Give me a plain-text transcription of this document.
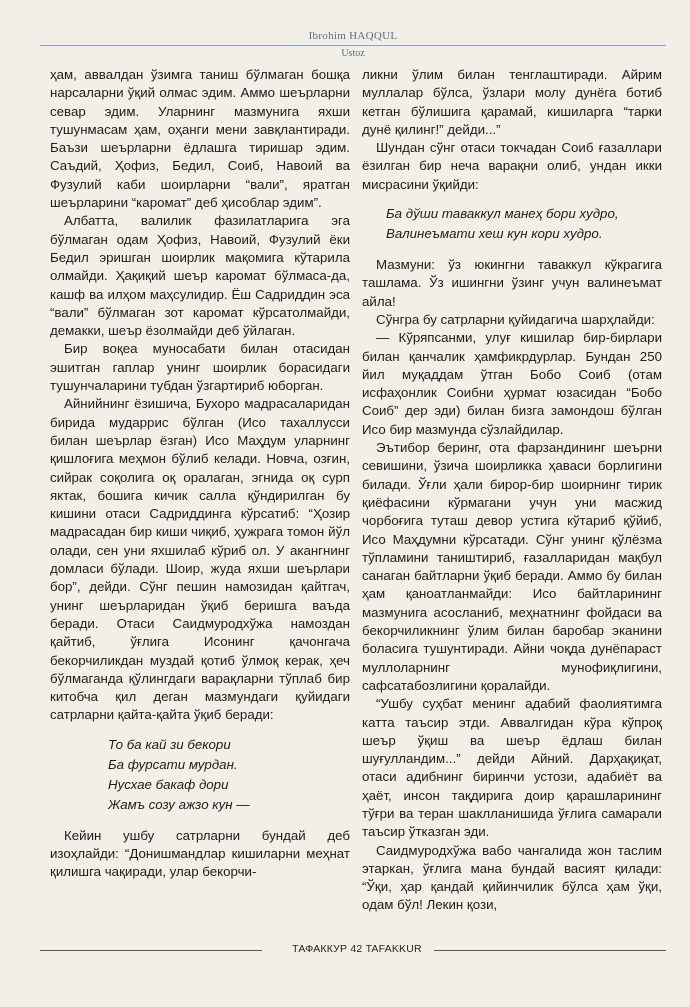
Ibrohim HAQQUL
Ustoz

ҳам, аввалдан ўзимга таниш бўлмаган бошқа нарсаларни ўқий олмас эдим. Аммо шеърларни севар эдим. Уларнинг мазмунига яхши тушунмасам ҳам, оҳанги мени завқлантиради. Баъзи шеърларни ёдлашга тиришар эдим. Саъдий, Ҳофиз, Бедил, Соиб, Навоий ва Фузулий каби шоирларни “вали”, яратган шеърларини “каромат” деб ҳисоблар эдим”.

Албатта, валилик фазилатларига эга бўлмаган одам Ҳофиз, Навоий, Фузулий ёки Бедил эришган шоирлик мақомига кўтарила олмайди. Ҳақиқий шеър каромат бўлмаса-да, кашф ва илҳом маҳсулидир. Ёш Садриддин эса “вали” бўлмаган зот каромат кўрсатолмайди, демакки, шеър ёзолмайди деб ўйлаган.

Бир воқеа муносабати билан отасидан эшитган гаплар унинг шоирлик борасидаги тушунчаларини тубдан ўзгартириб юборган.

Айнийнинг ёзишича, Бухоро мадрасаларидан бирида мударрис бўлган (Исо тахаллусси билан шеърлар ёзган) Исо Маҳдум уларнинг қишлоғига меҳмон бўлиб келади. Новча, озғин, сийрак соқолига оқ оралаган, эгнида оқ сурп яктак, бошига кичик салла қўндирилган бу кишини отаси Садриддинга кўрсатиб: “Ҳозир мадрасадан бир киши чиқиб, ҳужрага томон йўл олади, сен уни яхшилаб кўриб ол. У акангнинг домласи бўлади. Шоир, жуда яхши шеърлари бор”, дейди. Сўнг пешин намозидан қайтгач, унинг шеърларидан ўқиб беришга ваъда беради. Отаси Саидмуродхўжа намоздан қайтиб, ўғлига Исонинг қачонгача бекорчиликдан муздай қотиб ўлмоқ керак, ҳеч бўлмаганда қўлингдаги варақларни тўплаб бир китобча қил деган мазмундаги қуйидаги сатрларни қайта-қайта ўқиб беради:

То ба кай зи бекори
Ба фурсати мурдан.
Нусхае бакаф дори
Жамъ созу ажзо кун —

Кейин ушбу сатрларни бундай деб изоҳлайди: “Донишмандлар кишиларни меҳнат қилишга чақиради, улар бекорчи-

ликни ўлим билан тенглаштиради. Айрим муллалар бўлса, ўзлари молу дунёга ботиб кетган бўлишига қарамай, кишиларга “тарки дунё қилинг!” дейди...”

Шундан сўнг отаси токчадан Соиб ғазаллари ёзилган бир неча варақни олиб, ундан икки мисрасини ўқийди:

Ба дўши таваккул манеҳ бори худро,
Валинеъмати хеш кун кори худро.

Мазмуни: ўз юкингни таваккул кўкрагига ташлама. Ўз ишингни ўзинг учун валинеъмат айла!

Сўнгра бу сатрларни қуйидагича шарҳлайди:

— Кўряпсанми, улуғ кишилар бир-бирлари билан қанчалик ҳамфикрдурлар. Бундан 250 йил муқаддам ўтган Бобо Соиб (отам исфаҳонлик Соибни ҳурмат юзасидан “Бобо Соиб” дер эди) билан бизга замондош бўлган Исо бир мазмунда сўзлайдилар.

Эътибор беринг, ота фарзандининг шеърни севишини, ўзича шоирликка ҳаваси борлигини билади. Ўғли ҳали бирор-бир шоирнинг тирик қиёфасини кўрмагани учун уни масжид чорбоғига туташ девор устига кўтариб қўйиб, Исо Маҳдумни кўрсатади. Сўнг унинг қўлёзма тўпламини таништириб, ғазалларидан мақбул санаган байтларни ўқиб беради. Аммо бу билан ҳам қаноатланмайди: Исо байтларининг мазмунига асосланиб, меҳнатнинг фойдаси ва бекорчиликнинг ўлим билан баробар эканини боласига тушунтиради. Айни чоқда дунёпараст муллоларнинг мунофиқлигини, сафсатабозлигини қоралайди.

“Ушбу суҳбат менинг адабий фаолиятимга катта таъсир этди. Аввалгидан кўра кўпроқ шеър ўқиш ва шеър ёдлаш билан шуғулландим...” дейди Айний. Дарҳақиқат, отаси адибнинг биринчи устози, адабиёт ва ҳаёт, инсон тақдирига доир қарашларининг тўғри ва теран шаклланишида ўғлига самарали таъсир ўтказган эди.

Саидмуродхўжа вабо чангалида жон таслим этаркан, ўғлига мана бундай васият қилади: “Ўқи, ҳар қандай қийинчилик бўлса ҳам ўқи, одам бўл! Лекин қози,

ТАФАККУР 42 TAFAKKUR
